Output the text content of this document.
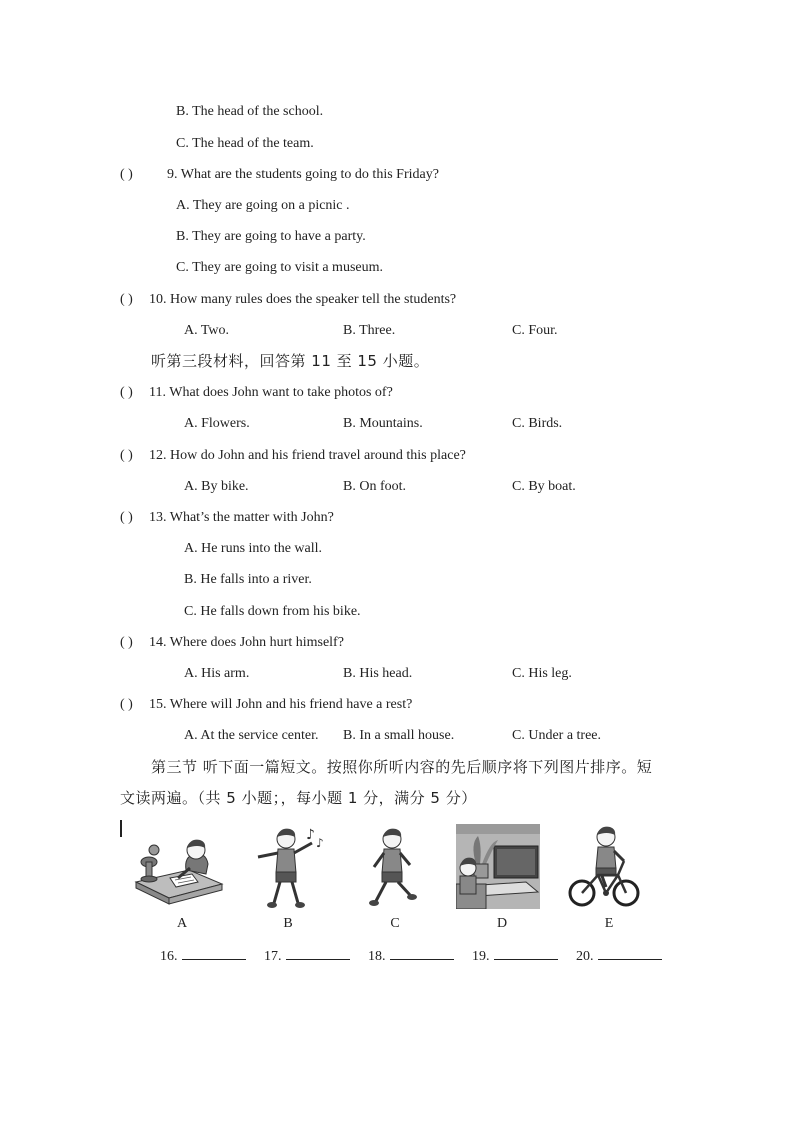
B. The head of the school.
C. The head of the team.
( ) 9. What are the students going to do this Friday?
A. They are going on a picnic .
B. They are going to have a party.
C. They are going to visit a museum.
( ) 10. How many rules does the speaker tell the students?
A. Two.	B. Three.	C. Four.
听第三段材料，回答第 11 至 15 小题。
( ) 11. What does John want to take photos of?
A. Flowers.	B. Mountains.	C. Birds.
( ) 12. How do John and his friend travel around this place?
A. By bike.	B. On foot.	C. By boat.
( ) 13. What’s the matter with John?
A. He runs into the wall.
B. He falls into a river.
C. He falls down from his bike.
( ) 14. Where does John hurt himself?
A. His arm.	B. His head.	C. His leg.
( ) 15. Where will John and his friend have a rest?
A. At the service center. B. In a small house.	C. Under a tree.
第三节 听下面一篇短文。按照你所听内容的先后顺序将下列图片排序。短
文读两遍。（共 5 小题；，每小题 1 分，满分 5 分）
A
♪ ♪
B	C	D	E
16.	17.	18.	19.	20.
